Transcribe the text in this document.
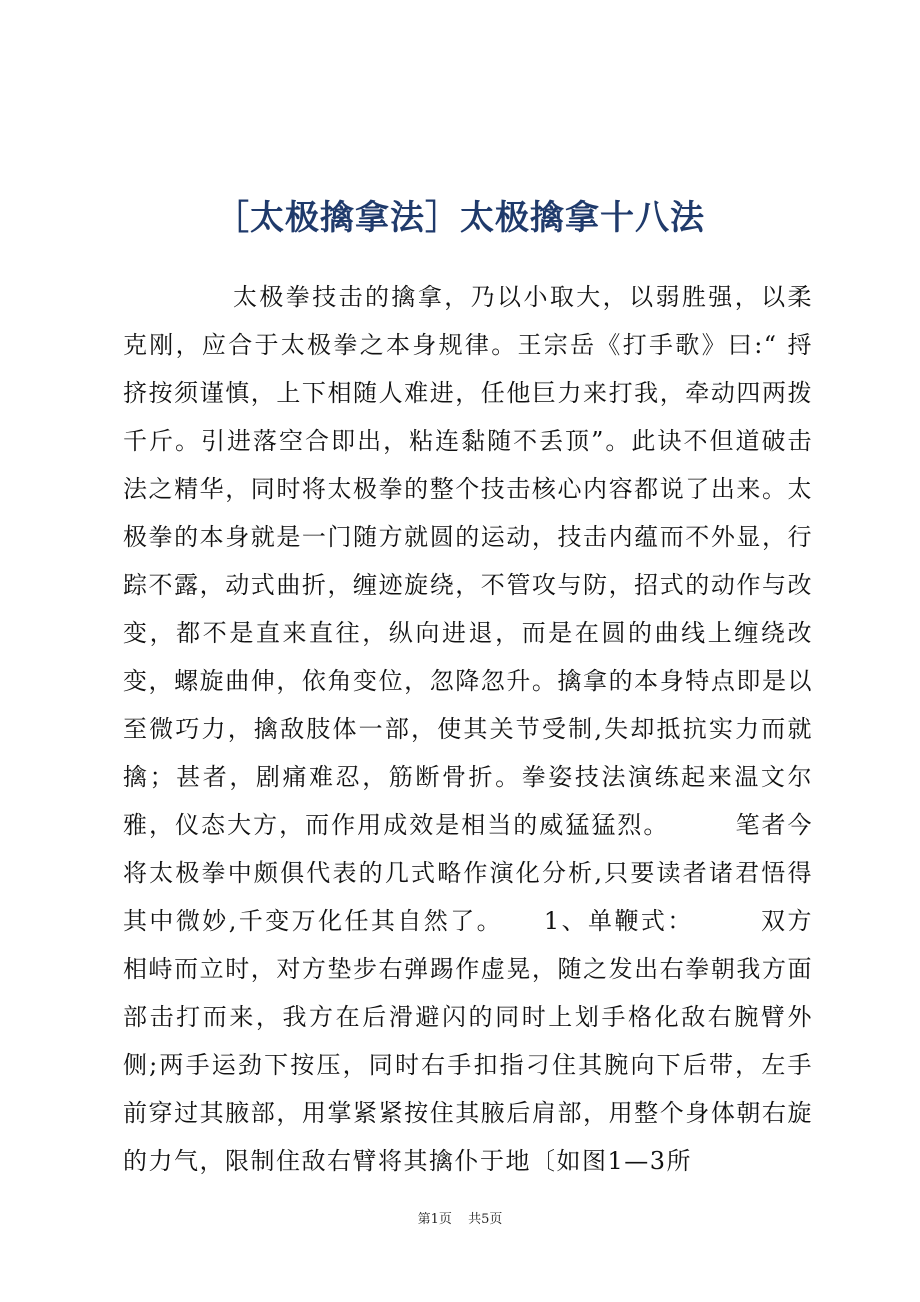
［太极擒拿法］太极擒拿十八法

太极拳技击的擒拿，乃以小取大，以弱胜强，以柔克刚，应合于太极拳之本身规律。王宗岳《打手歌》曰:“ 捋挤按须谨慎，上下相随人难进，任他巨力来打我，牵动四两拨千斤。引进落空合即出，粘连黏随不丢顶”。此诀不但道破击法之精华，同时将太极拳的整个技击核心内容都说了出来。太极拳的本身就是一门随方就圆的运动，技击内蕴而不外显，行踪不露，动式曲折，缠迹旋绕，不管攻与防，招式的动作与改变，都不是直来直往，纵向进退，而是在圆的曲线上缠绕改变，螺旋曲伸，依角变位，忽降忽升。擒拿的本身特点即是以至微巧力，擒敌肢体一部，使其关节受制,失却抵抗实力而就擒；甚者，剧痛难忍，筋断骨折。拳姿技法演练起来温文尔雅，仪态大方，而作用成效是相当的威猛猛烈。　　　笔者今将太极拳中颇俱代表的几式略作演化分析,只要读者诸君悟得其中微妙,千变万化任其自然了。　　1、单鞭式：　　　双方相峙而立时，对方垫步右弹踢作虚晃，随之发出右拳朝我方面部击打而来，我方在后滑避闪的同时上划手格化敌右腕臂外侧;两手运劲下按压，同时右手扣指刁住其腕向下后带，左手前穿过其腋部，用掌紧紧按住其腋后肩部，用整个身体朝右旋的力气，限制住敌右臂将其擒仆于地〔如图1—3所

第1页 共5页
